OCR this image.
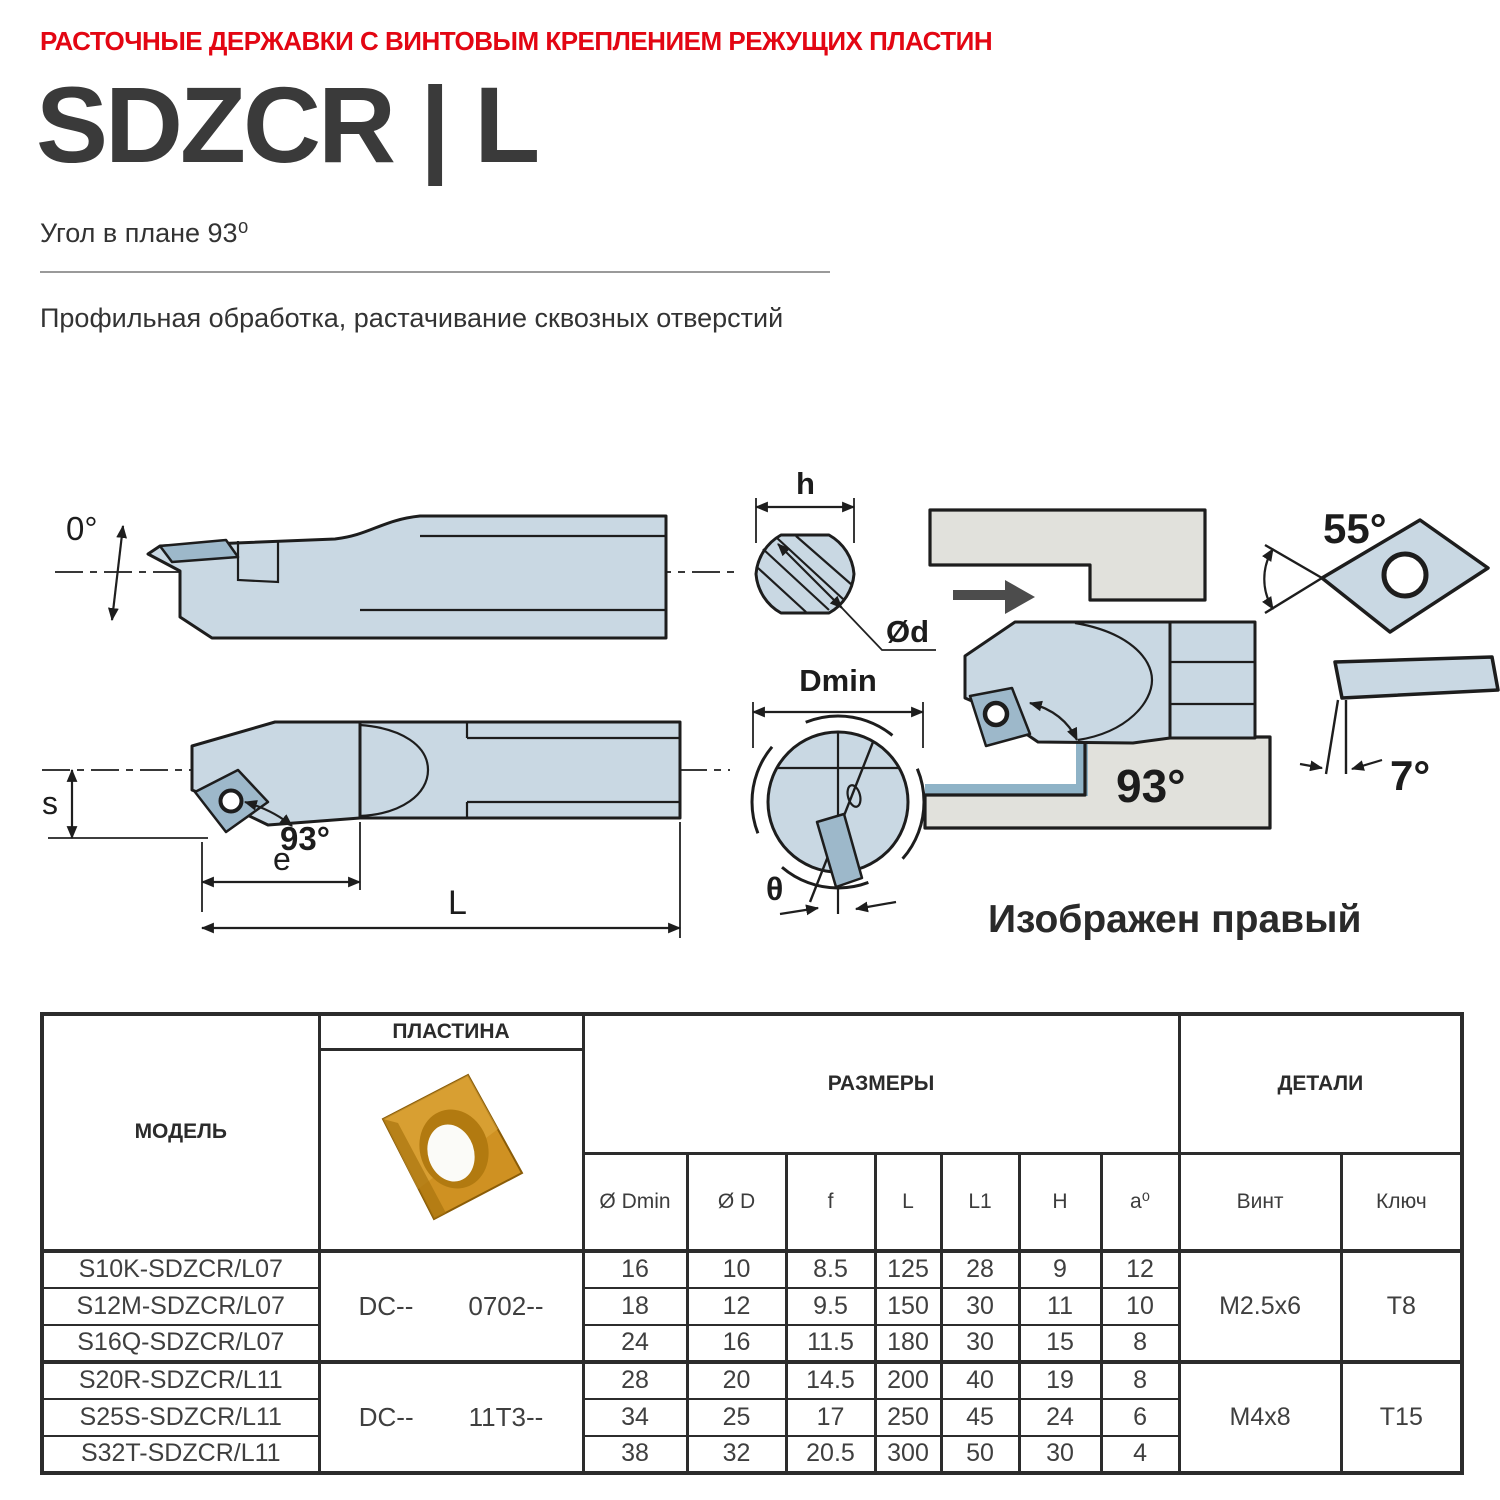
РАСТОЧНЫЕ ДЕРЖАВКИ С ВИНТОВЫМ КРЕПЛЕНИЕМ РЕЖУЩИХ ПЛАСТИН
SDZCR | L
Угол в плане 93⁰
Профильная обработка, растачивание сквозных отверстий
0°
h
Ød
Dmin
θ
93°
55°
7°
93°
s
e
L	Изображен правый
МОДЕЛЬ	ПЛАСТИНА	РАЗМЕРЫ							ДЕТАЛИ	

		Ø Dmin	Ø D	f	L	L1	H	a⁰	Винт	Ключ
S10K-SDZCR/L07	DC-- 0702--	16	10	8.5	125	28	9	12	M2.5x6	T8
S12M-SDZCR/L07		18	12	9.5	150	30	11	10		
S16Q-SDZCR/L07		24	16	11.5	180	30	15	8		
S20R-SDZCR/L11	DC-- 11T3--	28	20	14.5	200	40	19	8	M4x8	T15
S25S-SDZCR/L11		34	25	17	250	45	24	6		
S32T-SDZCR/L11		38	32	20.5	300	50	30	4		
